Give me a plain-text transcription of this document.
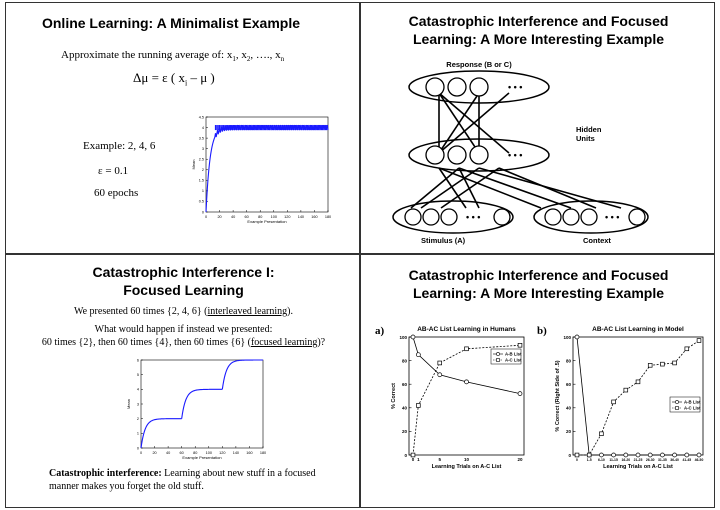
Online Learning: A Minimalist Example
Approximate the running average of: $x_1$, $x_2$, …., $x_n$
Δμ = ε ( $x_i$ – μ )
Example: 2, 4, 6
ε = 0.1
60 epochs
0	20 40 60 80 100 120 140 160 180
0
0.5
1
1.5
2
2.5
3
3.5
4
4.5
Example Presentation
Mean
Catastrophic Interference and Focused
Learning: A More Interesting Example
• • •
Response (B or C)
• • •
Hidden
Units
• • •
Stimulus (A)
• • •
Context
Catastrophic Interference I:
Focused Learning
We presented 60 times {2, 4, 6} (interleaved learning).
What would happen if instead we presented:
60 times {2}, then 60 times {4}, then 60 times {6} (focused learning)?
0	20 40 60 80 100 120 140 160 180
0
1
2
3
4
5
6
Example Presentation
Mean
Catastrophic interference: Learning about new stuff in a focused manner makes you forget the old stuff.
Catastrophic Interference and Focused
Learning: A More Interesting Example
a)	b)
AB-AC List Learning in Humans
0
20
40
60
80
100
0 1	5	10	20
Learning Trials on A-C List
% Correct
A-B List
A-C List
AB-AC List Learning in Model
0
20
40
60
80
100
0	1-5 6-10 11-15 16-20 21-25 26-30 31-35 36-40 41-45 46-50
Learning Trials on A-C List
% Correct (Right Side of .5)	A-B List
A-C List
